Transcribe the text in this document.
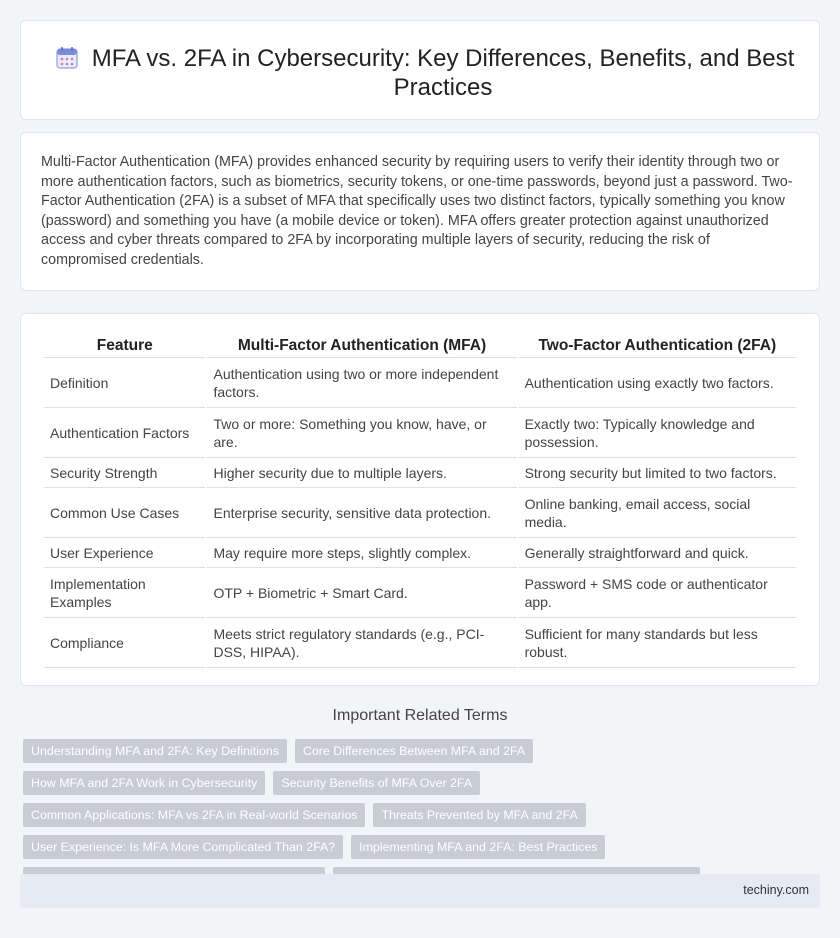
MFA vs. 2FA in Cybersecurity: Key Differences, Benefits, and Best Practices

Multi-Factor Authentication (MFA) provides enhanced security by requiring users to verify their identity through two or more authentication factors, such as biometrics, security tokens, or one-time passwords, beyond just a password. Two-Factor Authentication (2FA) is a subset of MFA that specifically uses two distinct factors, typically something you know (password) and something you have (a mobile device or token). MFA offers greater protection against unauthorized access and cyber threats compared to 2FA by incorporating multiple layers of security, reducing the risk of compromised credentials.

Feature	Multi-Factor Authentication (MFA)	Two-Factor Authentication (2FA)
Definition	Authentication using two or more independent factors.	Authentication using exactly two factors.
Authentication Factors	Two or more: Something you know, have, or are.	Exactly two: Typically knowledge and possession.
Security Strength	Higher security due to multiple layers.	Strong security but limited to two factors.
Common Use Cases	Enterprise security, sensitive data protection.	Online banking, email access, social media.
User Experience	May require more steps, slightly complex.	Generally straightforward and quick.
Implementation Examples	OTP + Biometric + Smart Card.	Password + SMS code or authenticator app.
Compliance	Meets strict regulatory standards (e.g., PCI-DSS, HIPAA).	Sufficient for many standards but less robust.
Important Related Terms
Understanding MFA and 2FA: Key Definitions	Core Differences Between MFA and 2FA
How MFA and 2FA Work in Cybersecurity	Security Benefits of MFA Over 2FA
Common Applications: MFA vs 2FA in Real-world Scenarios	Threats Prevented by MFA and 2FA
User Experience: Is MFA More Complicated Than 2FA?	Implementing MFA and 2FA: Best Practices
techiny.com
